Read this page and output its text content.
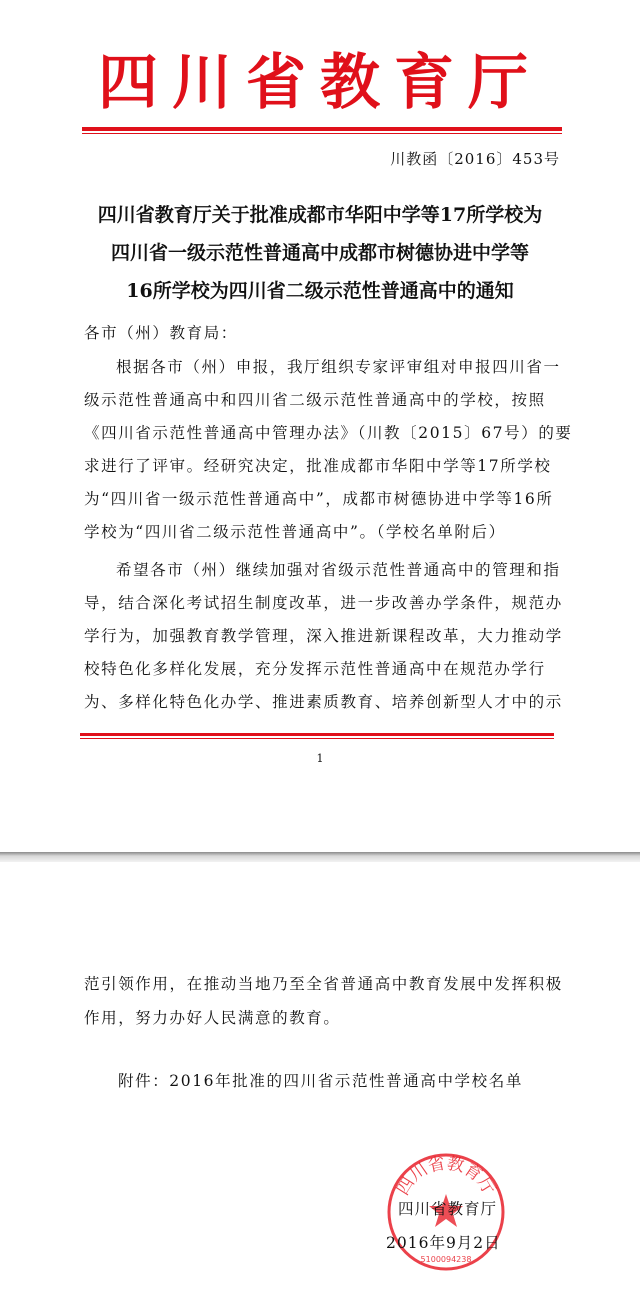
四川省教育厅
川教函〔2016〕453号
四川省教育厅关于批准成都市华阳中学等17所学校为
四川省一级示范性普通高中成都市树德协进中学等
16所学校为四川省二级示范性普通高中的通知
各市（州）教育局：
根据各市（州）申报，我厅组织专家评审组对申报四川省一
级示范性普通高中和四川省二级示范性普通高中的学校，按照
《四川省示范性普通高中管理办法》（川教〔2015〕67号）的要
求进行了评审。经研究决定，批准成都市华阳中学等17所学校
为“四川省一级示范性普通高中”，成都市树德协进中学等16所
学校为“四川省二级示范性普通高中”。（学校名单附后）
希望各市（州）继续加强对省级示范性普通高中的管理和指
导，结合深化考试招生制度改革，进一步改善办学条件，规范办
学行为，加强教育教学管理，深入推进新课程改革，大力推动学
校特色化多样化发展，充分发挥示范性普通高中在规范办学行
为、多样化特色化办学、推进素质教育、培养创新型人才中的示
1
范引领作用，在推动当地乃至全省普通高中教育发展中发挥积极
作用，努力办好人民满意的教育。
附件：2016年批准的四川省示范性普通高中学校名单
四川省教育厅
5100094238
四川省教育厅
2016年9月2日
